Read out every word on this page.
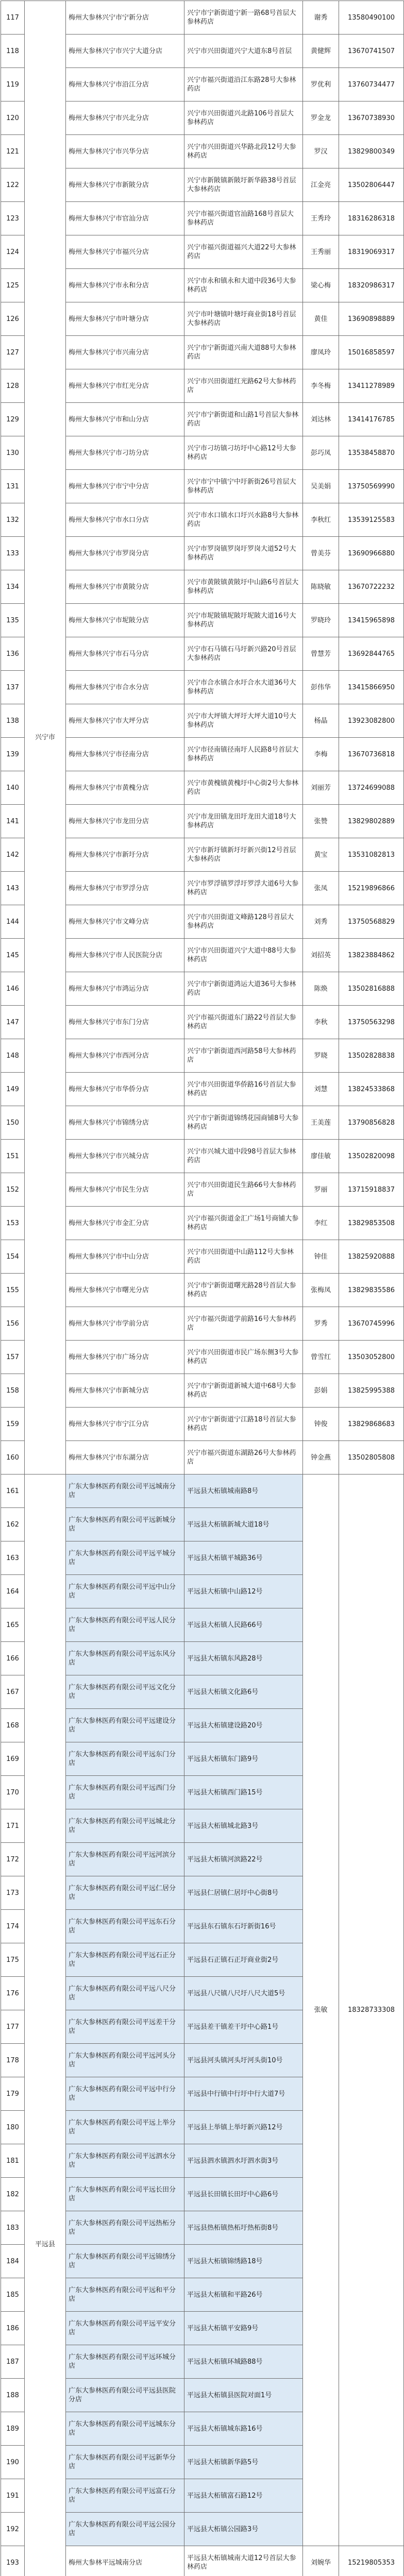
117	兴宁市	梅州大参林兴宁市宁新分店	兴宁市宁新街道宁新一路68号首层大参林药店	谢秀	13580490100
118		梅州大参林兴宁市兴宁大道分店	兴宁市兴田街道兴宁大道东8号首层	黄健辉	13670741507
119		梅州大参林兴宁市沿江分店	兴宁市福兴街道沿江东路28号大参林药店	罗优利	13760734477
120		梅州大参林兴宁市兴北分店	兴宁市兴田街道兴北路106号首层大参林药店	罗金龙	13670738930
121		梅州大参林兴宁市兴华分店	兴宁市兴田街道兴华路北段12号大参林药店	罗汉	13829800349
122		梅州大参林兴宁市新陂分店	兴宁市新陂镇新陂圩新华路38号首层大参林药店	江金亮	13502806447
123		梅州大参林兴宁市官汕分店	兴宁市福兴街道官汕路168号首层大参林药店	王秀玲	18316286318
124		梅州大参林兴宁市福兴分店	兴宁市福兴街道福兴大道22号大参林药店	王秀丽	18319069317
125		梅州大参林兴宁市永和分店	兴宁市永和镇永和大道中段36号大参林药店	梁心梅	18320986317
126		梅州大参林兴宁市叶塘分店	兴宁市叶塘镇叶塘圩商业街18号首层大参林药店	黄佳	13690898889
127		梅州大参林兴宁市兴南分店	兴宁市宁新街道兴南大道88号大参林药店	廖凤玲	15016858597
128		梅州大参林兴宁市红光分店	兴宁市兴田街道红光路62号大参林药店	李冬梅	13411278989
129		梅州大参林兴宁市和山分店	兴宁市宁新街道和山路1号首层大参林药店	刘达林	13414176785
130		梅州大参林兴宁市刁坊分店	兴宁市刁坊镇刁坊圩中心路12号大参林药店	彭巧凤	13538458870
131		梅州大参林兴宁市宁中分店	兴宁市宁中镇宁中圩新街26号首层大参林药店	吴美娟	13750569990
132		梅州大参林兴宁市水口分店	兴宁市水口镇水口圩兴水路8号大参林药店	李秋红	13539125583
133		梅州大参林兴宁市罗岗分店	兴宁市罗岗镇罗岗圩罗岗大道52号大参林药店	曾美芬	13690966880
134		梅州大参林兴宁市黄陂分店	兴宁市黄陂镇黄陂圩中山路6号首层大参林药店	陈晓敏	13670722232
135		梅州大参林兴宁市坭陂分店	兴宁市坭陂镇坭陂圩坭陂大道16号大参林药店	罗晓玲	13415965898
136		梅州大参林兴宁市石马分店	兴宁市石马镇石马圩新兴路20号首层大参林药店	曾慧芳	13692844765
137		梅州大参林兴宁市合水分店	兴宁市合水镇合水圩合水大道36号大参林药店	彭伟华	13415866950
138		梅州大参林兴宁市大坪分店	兴宁市大坪镇大坪圩大坪大道10号大参林药店	杨晶	13923082800
139		梅州大参林兴宁市径南分店	兴宁市径南镇径南圩人民路8号首层大参林药店	李梅	13670736818
140		梅州大参林兴宁市黄槐分店	兴宁市黄槐镇黄槐圩中心街2号大参林药店	刘丽芳	13724699088
141		梅州大参林兴宁市龙田分店	兴宁市龙田镇龙田圩龙田大道18号大参林药店	张赞	13829802889
142		梅州大参林兴宁市新圩分店	兴宁市新圩镇新圩圩新兴街12号首层大参林药店	黄宝	13531082813
143		梅州大参林兴宁市罗浮分店	兴宁市罗浮镇罗浮圩罗浮大道6号大参林药店	张凤	15219896866
144		梅州大参林兴宁市文峰分店	兴宁市兴田街道文峰路128号首层大参林药店	刘秀	13750568829
145		梅州大参林兴宁市人民医院分店	兴宁市兴田街道兴宁大道中88号大参林药店	刘招英	13823884862
146		梅州大参林兴宁市鸿运分店	兴宁市宁新街道鸿运大道36号大参林药店	陈焕	13502816888
147		梅州大参林兴宁市东门分店	兴宁市福兴街道东门路22号首层大参林药店	李秋	13750563298
148		梅州大参林兴宁市西河分店	兴宁市宁新街道西河路58号大参林药店	罗晓	13502828838
149		梅州大参林兴宁市华侨分店	兴宁市兴田街道华侨路16号首层大参林药店	刘慧	13824533868
150		梅州大参林兴宁市锦绣分店	兴宁市宁新街道锦绣花园商铺8号大参林药店	王美莲	13790856828
151		梅州大参林兴宁市兴城分店	兴宁市兴城大道中段98号首层大参林药店	廖佳敏	13502820098
152		梅州大参林兴宁市民生分店	兴宁市兴田街道民生路66号大参林药店	罗丽	13715918837
153		梅州大参林兴宁市金汇分店	兴宁市福兴街道金汇广场1号商铺大参林药店	李红	13829853508
154		梅州大参林兴宁市中山分店	兴宁市兴田街道中山路112号大参林药店	钟佳	13825920888
155		梅州大参林兴宁市曙光分店	兴宁市宁新街道曙光路28号首层大参林药店	张梅凤	13829835586
156		梅州大参林兴宁市学前分店	兴宁市福兴街道学前路16号大参林药店	罗秀	13670745996
157		梅州大参林兴宁市广场分店	兴宁市兴田街道市民广场东侧3号大参林药店	曾雪红	13503052800
158		梅州大参林兴宁市新城分店	兴宁市宁新街道新城大道中68号大参林药店	彭娟	13825995388
159		梅州大参林兴宁市宁江分店	兴宁市宁新街道宁江路18号首层大参林药店	钟俊	13829868683
160		梅州大参林兴宁市东湖分店	兴宁市福兴街道东湖路26号大参林药店	钟金燕	13502805808
161	平远县	广东大参林医药有限公司平远城南分店	平远县大柘镇城南路8号	张敏	18328733308
162		广东大参林医药有限公司平远新城分店	平远县大柘镇新城大道18号		
163		广东大参林医药有限公司平远平城分店	平远县大柘镇平城路36号		
164		广东大参林医药有限公司平远中山分店	平远县大柘镇中山路12号		
165		广东大参林医药有限公司平远人民分店	平远县大柘镇人民路66号		
166		广东大参林医药有限公司平远东风分店	平远县大柘镇东风路28号		
167		广东大参林医药有限公司平远文化分店	平远县大柘镇文化路6号		
168		广东大参林医药有限公司平远建设分店	平远县大柘镇建设路20号		
169		广东大参林医药有限公司平远东门分店	平远县大柘镇东门路9号		
170		广东大参林医药有限公司平远西门分店	平远县大柘镇西门路15号		
171		广东大参林医药有限公司平远城北分店	平远县大柘镇城北路3号		
172		广东大参林医药有限公司平远河滨分店	平远县大柘镇河滨路22号		
173		广东大参林医药有限公司平远仁居分店	平远县仁居镇仁居圩中心街8号		
174		广东大参林医药有限公司平远东石分店	平远县东石镇东石圩新街16号		
175		广东大参林医药有限公司平远石正分店	平远县石正镇石正圩商业街2号		
176		广东大参林医药有限公司平远八尺分店	平远县八尺镇八尺圩八尺大道5号		
177		广东大参林医药有限公司平远差干分店	平远县差干镇差干圩中心路1号		
178		广东大参林医药有限公司平远河头分店	平远县河头镇河头圩河头街10号		
179		广东大参林医药有限公司平远中行分店	平远县中行镇中行圩中行大道7号		
180		广东大参林医药有限公司平远上举分店	平远县上举镇上举圩新兴路12号		
181		广东大参林医药有限公司平远泗水分店	平远县泗水镇泗水圩泗水街3号		
182		广东大参林医药有限公司平远长田分店	平远县长田镇长田圩中心路6号		
183		广东大参林医药有限公司平远热柘分店	平远县热柘镇热柘圩热柘街8号		
184		广东大参林医药有限公司平远锦绣分店	平远县大柘镇锦绣路18号		
185		广东大参林医药有限公司平远和平分店	平远县大柘镇和平路26号		
186		广东大参林医药有限公司平远平安分店	平远县大柘镇平安路9号		
187		广东大参林医药有限公司平远环城分店	平远县大柘镇环城路88号		
188		广东大参林医药有限公司平远县医院分店	平远县大柘镇县医院对面1号		
189		广东大参林医药有限公司平远城东分店	平远县大柘镇城东路16号		
190		广东大参林医药有限公司平远新华分店	平远县大柘镇新华路5号		
191		广东大参林医药有限公司平远富石分店	平远县大柘镇富石路12号		
192		广东大参林医药有限公司平远公园分店	平远县大柘镇公园路3号		
193		梅州大参林平远城南分店	平远县大柘镇城南大道12号首层大参林药店	刘婉华	15219805353
